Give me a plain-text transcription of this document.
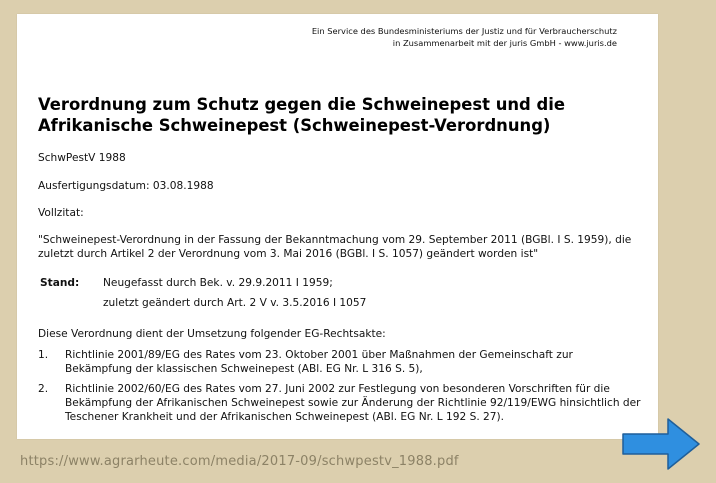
Ein Service des Bundesministeriums der Justiz und für Verbraucherschutz
in Zusammenarbeit mit der juris GmbH - www.juris.de
Verordnung zum Schutz gegen die Schweinepest und die Afrikanische Schweinepest (Schweinepest-Verordnung)
SchwPestV 1988
Ausfertigungsdatum: 03.08.1988
Vollzitat:
"Schweinepest-Verordnung in der Fassung der Bekanntmachung vom 29. September 2011 (BGBl. I S. 1959), die
zuletzt durch Artikel 2 der Verordnung vom 3. Mai 2016 (BGBl. I S. 1057) geändert worden ist"
Stand: Neugefasst durch Bek. v. 29.9.2011 I 1959;
zuletzt geändert durch Art. 2 V v. 3.5.2016 I 1057
Diese Verordnung dient der Umsetzung folgender EG-Rechtsakte:
1. Richtlinie 2001/89/EG des Rates vom 23. Oktober 2001 über Maßnahmen der Gemeinschaft zur Bekämpfung der klassischen Schweinepest (ABl. EG Nr. L 316 S. 5),
2. Richtlinie 2002/60/EG des Rates vom 27. Juni 2002 zur Festlegung von besonderen Vorschriften für die Bekämpfung der Afrikanischen Schweinepest sowie zur Änderung der Richtlinie 92/119/EWG hinsichtlich der Teschener Krankheit und der Afrikanischen Schweinepest (ABl. EG Nr. L 192 S. 27).
https://www.agrarheute.com/media/2017-09/schwpestv_1988.pdf
